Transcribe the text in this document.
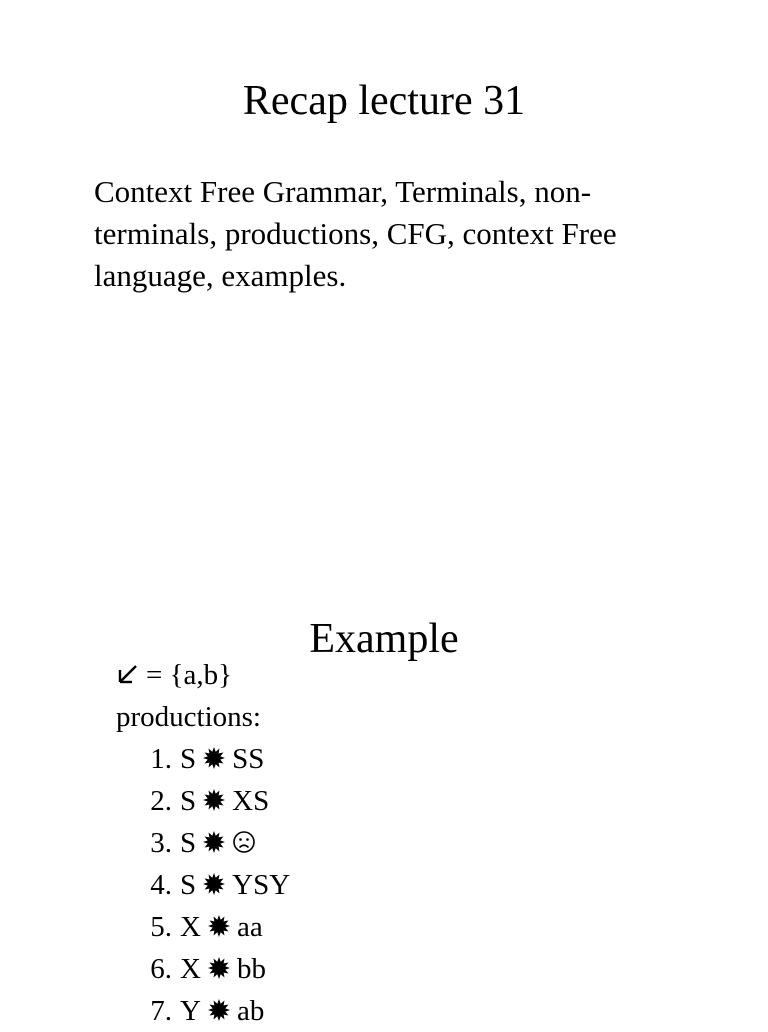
Recap lecture 31

Context Free Grammar, Terminals, non-terminals, productions, CFG, context Free language, examples.

Example
= {a,b}
productions:
1. S SS
2. S XS
3. S
4. S YSY
5. X aa
6. X bb
7. Y ab
